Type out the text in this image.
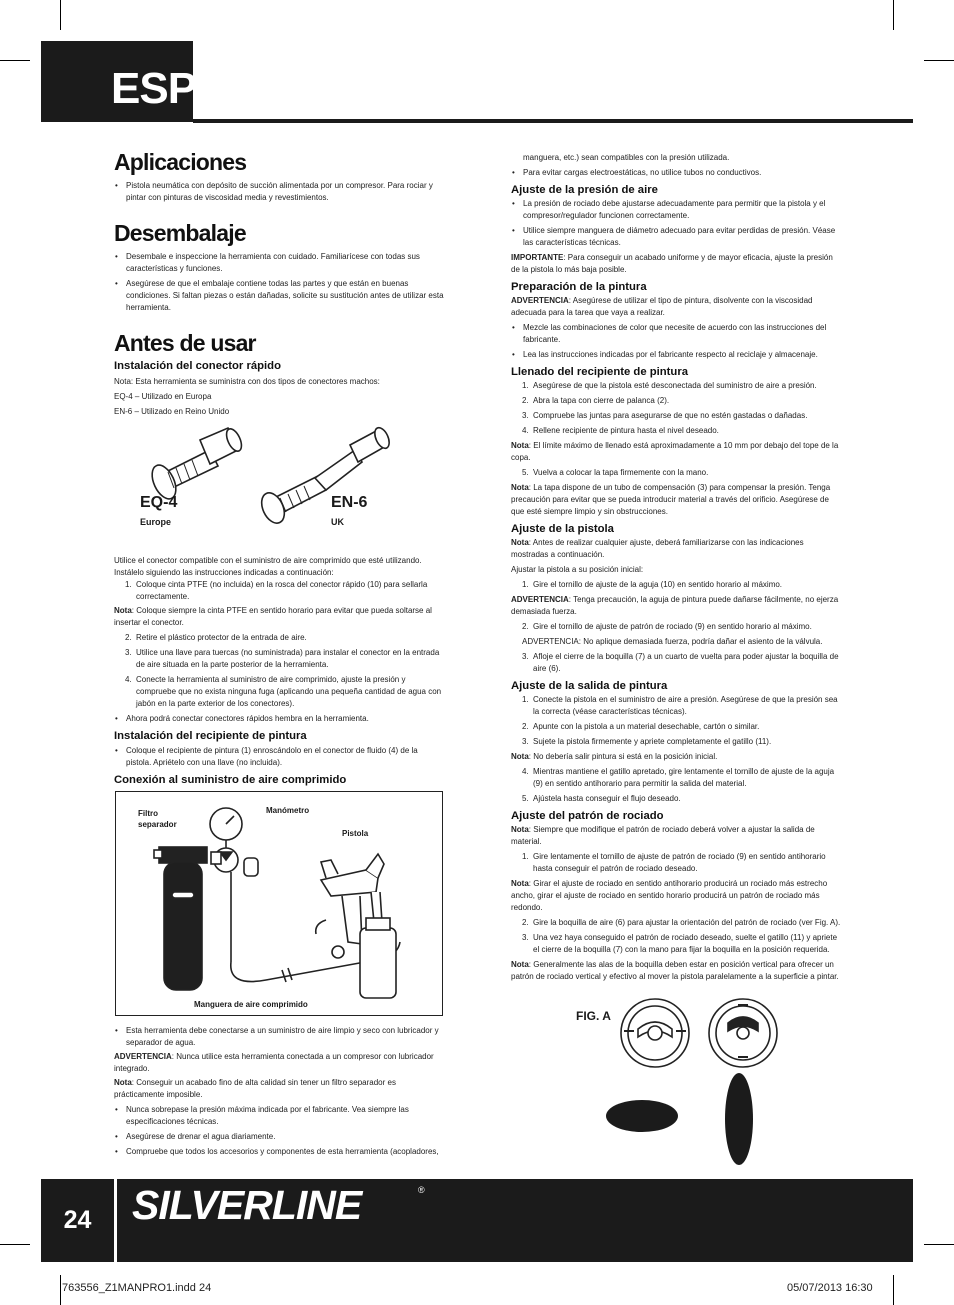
ESP
Aplicaciones
• Pistola neumática con depósito de succión alimentada por un compresor. Para rociar y pintar con pinturas de viscosidad media y revestimientos.
Desembalaje
• Desembale e inspeccione la herramienta con cuidado. Familiarícese con todas sus características y funciones.
• Asegúrese de que el embalaje contiene todas las partes y que están en buenas condiciones. Si faltan piezas o están dañadas, solicite su sustitución antes de utilizar esta herramienta.
Antes de usar
Instalación del conector rápido

Nota: Esta herramienta se suministra con dos tipos de conectores machos:

EQ-4 – Utilizado en Europa

EN-6 – Utilizado en Reino Unido

EQ-4
Europe
EN-6
UK

Utilice el conector compatible con el suministro de aire comprimido que esté utilizando. Instálelo siguiendo las instrucciones indicadas a continuación:

1. Coloque cinta PTFE (no incluida) en la rosca del conector rápido (10) para sellarla correctamente.

Nota: Coloque siempre la cinta PTFE en sentido horario para evitar que pueda soltarse al insertar el conector.

2. Retire el plástico protector de la entrada de aire.
3. Utilice una llave para tuercas (no suministrada) para instalar el conector en la entrada de aire situada en la parte posterior de la herramienta.
4. Conecte la herramienta al suministro de aire comprimido, ajuste la presión y compruebe que no exista ninguna fuga (aplicando una pequeña cantidad de agua con jabón en la parte exterior de los conectores).
• Ahora podrá conectar conectores rápidos hembra en la herramienta.
Instalación del recipiente de pintura
• Coloque el recipiente de pintura (1) enroscándolo en el conector de fluido (4) de la pistola. Apriételo con una llave (no incluida).
Conexión al suministro de aire comprimido
Filtro
separador
Manómetro
Pistola
Manguera de aire comprimido
• Esta herramienta debe conectarse a un suministro de aire limpio y seco con lubricador y separador de agua.

ADVERTENCIA: Nunca utilice esta herramienta conectada a un compresor con lubricador integrado.

Nota: Conseguir un acabado fino de alta calidad sin tener un filtro separador es prácticamente imposible.

• Nunca sobrepase la presión máxima indicada por el fabricante. Vea siempre las especificaciones técnicas.
• Asegúrese de drenar el agua diariamente.
• Compruebe que todos los accesorios y componentes de esta herramienta (acopladores,

manguera, etc.) sean compatibles con la presión utilizada.

• Para evitar cargas electroestáticas, no utilice tubos no conductivos.
Ajuste de la presión de aire
• La presión de rociado debe ajustarse adecuadamente para permitir que la pistola y el compresor/regulador funcionen correctamente.
• Utilice siempre manguera de diámetro adecuado para evitar perdidas de presión. Véase las características técnicas.

IMPORTANTE: Para conseguir un acabado uniforme y de mayor eficacia, ajuste la presión de la pistola lo más baja posible.

Preparación de la pintura

ADVERTENCIA: Asegúrese de utilizar el tipo de pintura, disolvente con la viscosidad adecuada para la tarea que vaya a realizar.

• Mezcle las combinaciones de color que necesite de acuerdo con las instrucciones del fabricante.
• Lea las instrucciones indicadas por el fabricante respecto al reciclaje y almacenaje.
Llenado del recipiente de pintura
1. Asegúrese de que la pistola esté desconectada del suministro de aire a presión.
2. Abra la tapa con cierre de palanca (2).
3. Compruebe las juntas para asegurarse de que no estén gastadas o dañadas.
4. Rellene recipiente de pintura hasta el nivel deseado.

Nota: El límite máximo de llenado está aproximadamente a 10 mm por debajo del tope de la copa.

5. Vuelva a colocar la tapa firmemente con la mano.

Nota: La tapa dispone de un tubo de compensación (3) para compensar la presión. Tenga precaución para evitar que se pueda introducir material a través del orificio. Asegúrese de que esté siempre limpio y sin obstrucciones.

Ajuste de la pistola

Nota: Antes de realizar cualquier ajuste, deberá familiarizarse con las indicaciones mostradas a continuación.

Ajustar la pistola a su posición inicial:

1. Gire el tornillo de ajuste de la aguja (10) en sentido horario al máximo.

ADVERTENCIA: Tenga precaución, la aguja de pintura puede dañarse fácilmente, no ejerza demasiada fuerza.

2. Gire el tornillo de ajuste de patrón de rociado (9) en sentido horario al máximo.

ADVERTENCIA: No aplique demasiada fuerza, podría dañar el asiento de la válvula.

3. Afloje el cierre de la boquilla (7) a un cuarto de vuelta para poder ajustar la boquilla de aire (6).
Ajuste de la salida de pintura
1. Conecte la pistola en el suministro de aire a presión. Asegúrese de que la presión sea la correcta (véase características técnicas).
2. Apunte con la pistola a un material desechable, cartón o similar.
3. Sujete la pistola firmemente y apriete completamente el gatillo (11).

Nota: No debería salir pintura si está en la posición inicial.

4. Mientras mantiene el gatillo apretado, gire lentamente el tornillo de ajuste de la aguja (9) en sentido antihorario para permitir la salida del material.
5. Ajústela hasta conseguir el flujo deseado.
Ajuste del patrón de rociado

Nota: Siempre que modifique el patrón de rociado deberá volver a ajustar la salida de material.

1. Gire lentamente el tornillo de ajuste de patrón de rociado (9) en sentido antihorario hasta conseguir el patrón de rociado deseado.

Nota: Girar el ajuste de rociado en sentido antihorario producirá un rociado más estrecho ancho, girar el ajuste de rociado en sentido horario producirá un patrón de rociado más redondo.

2. Gire la boquilla de aire (6) para ajustar la orientación del patrón de rociado (ver Fig. A).
3. Una vez haya conseguido el patrón de rociado deseado, suelte el gatillo (11) y apriete el cierre de la boquilla (7) con la mano para fijar la boquilla en la posición requerida.

Nota: Generalmente las alas de la boquilla deben estar en posición vertical para ofrecer un patrón de rociado vertical y efectivo al mover la pistola paralelamente a la superficie a pintar.

FIG. A
24 SILVERLINE	®
763556_Z1MANPRO1.indd 24	05/07/2013 16:30
